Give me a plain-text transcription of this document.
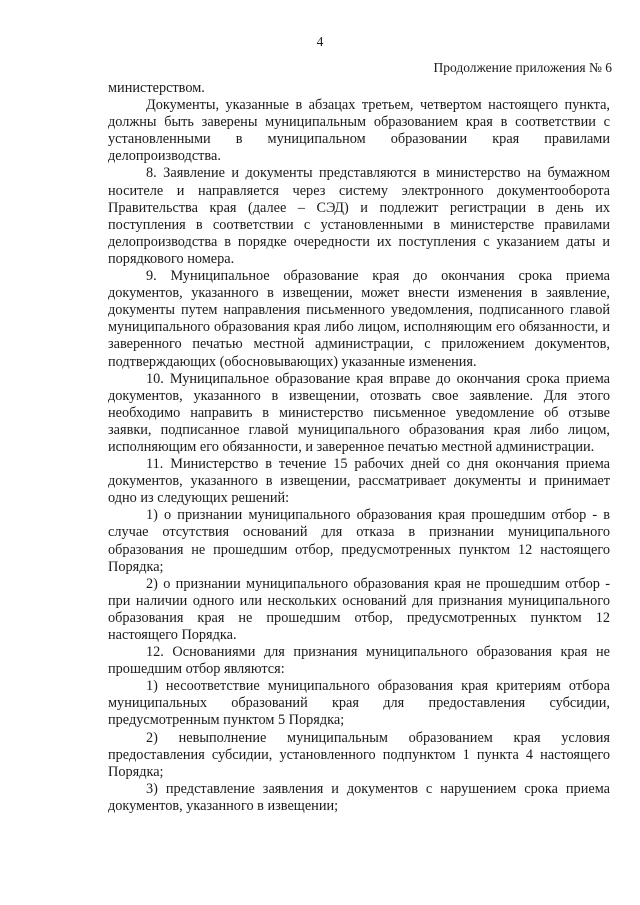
4
Продолжение приложения № 6

министерством.

Документы, указанные в абзацах третьем, четвертом настоящего пункта, должны быть заверены муниципальным образованием края в соответствии с установленными в муниципальном образовании края правилами делопроизводства.

8. Заявление и документы представляются в министерство на бумажном носителе и направляется через систему электронного документооборота Правительства края (далее – СЭД) и подлежит регистрации в день их поступления в соответствии с установленными в министерстве правилами делопроизводства в порядке очередности их поступления с указанием даты и порядкового номера.

9. Муниципальное образование края до окончания срока приема документов, указанного в извещении, может внести изменения в заявление, документы путем направления письменного уведомления, подписанного главой муниципального образования края либо лицом, исполняющим его обязанности, и заверенного печатью местной администрации, с приложением документов, подтверждающих (обосновывающих) указанные изменения.

10. Муниципальное образование края вправе до окончания срока приема документов, указанного в извещении, отозвать свое заявление. Для этого необходимо направить в министерство письменное уведомление об отзыве заявки, подписанное главой муниципального образования края либо лицом, исполняющим его обязанности, и заверенное печатью местной администрации.

11. Министерство в течение 15 рабочих дней со дня окончания приема документов, указанного в извещении, рассматривает документы и принимает одно из следующих решений:

1) о признании муниципального образования края прошедшим отбор - в случае отсутствия оснований для отказа в признании муниципального образования не прошедшим отбор, предусмотренных пунктом 12 настоящего Порядка;

2) о признании муниципального образования края не прошедшим отбор - при наличии одного или нескольких оснований для признания муниципального образования края не прошедшим отбор, предусмотренных пунктом 12 настоящего Порядка.

12. Основаниями для признания муниципального образования края не прошедшим отбор являются:

1) несоответствие муниципального образования края критериям отбора муниципальных образований края для предоставления субсидии, предусмотренным пунктом 5 Порядка;

2) невыполнение муниципальным образованием края условия предоставления субсидии, установленного подпунктом 1 пункта 4 настоящего Порядка;

3) представление заявления и документов с нарушением срока приема документов, указанного в извещении;
